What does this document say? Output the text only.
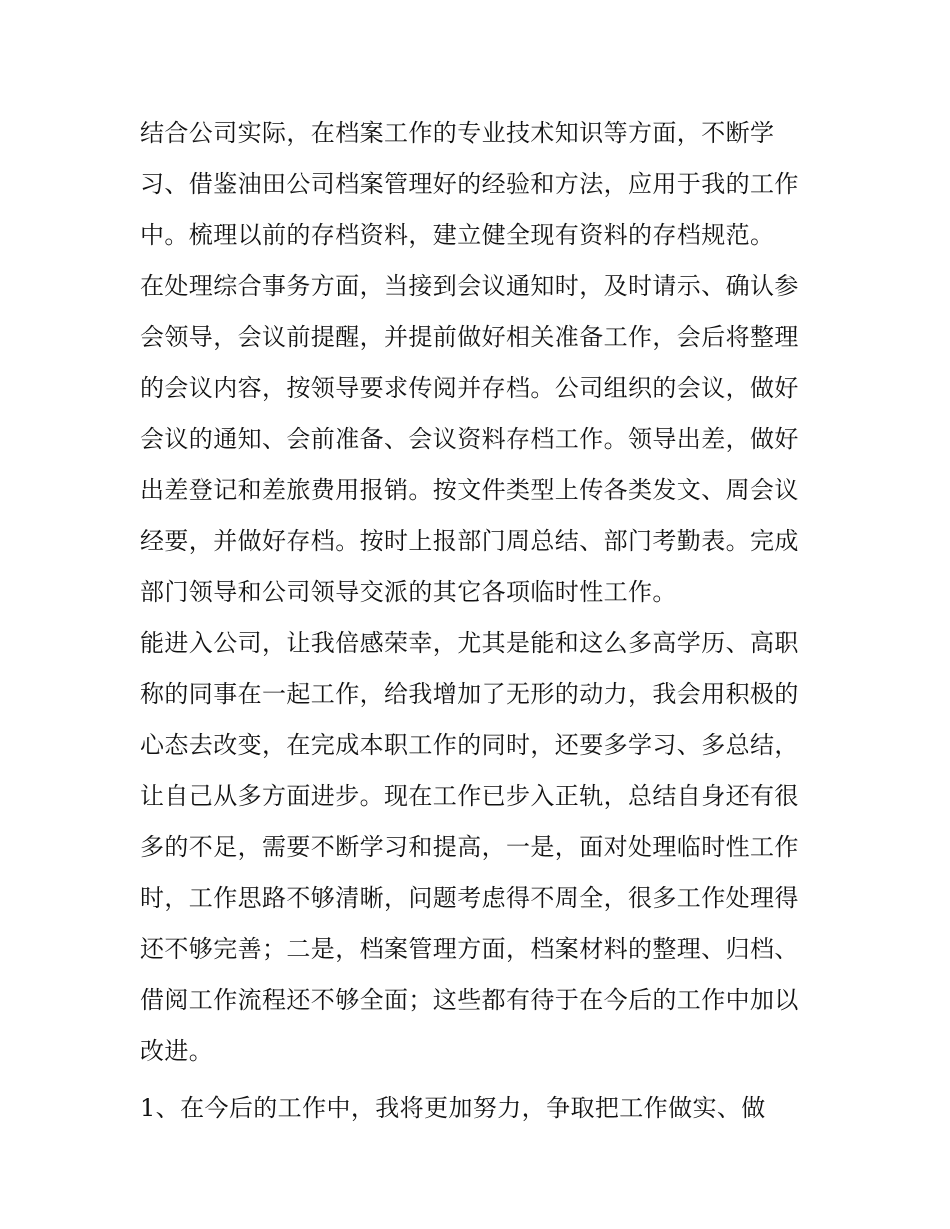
结合公司实际，在档案工作的专业技术知识等方面，不断学
习、借鉴油田公司档案管理好的经验和方法，应用于我的工作
中。梳理以前的存档资料，建立健全现有资料的存档规范。
在处理综合事务方面，当接到会议通知时，及时请示、确认参
会领导，会议前提醒，并提前做好相关准备工作，会后将整理
的会议内容，按领导要求传阅并存档。公司组织的会议，做好
会议的通知、会前准备、会议资料存档工作。领导出差，做好
出差登记和差旅费用报销。按文件类型上传各类发文、周会议
经要，并做好存档。按时上报部门周总结、部门考勤表。完成
部门领导和公司领导交派的其它各项临时性工作。
能进入公司，让我倍感荣幸，尤其是能和这么多高学历、高职
称的同事在一起工作，给我增加了无形的动力，我会用积极的
心态去改变，在完成本职工作的同时，还要多学习、多总结，
让自己从多方面进步。现在工作已步入正轨，总结自身还有很
多的不足，需要不断学习和提高，一是，面对处理临时性工作
时，工作思路不够清晰，问题考虑得不周全，很多工作处理得
还不够完善；二是，档案管理方面，档案材料的整理、归档、
借阅工作流程还不够全面；这些都有待于在今后的工作中加以
改进。
1、在今后的工作中，我将更加努力，争取把工作做实、做
